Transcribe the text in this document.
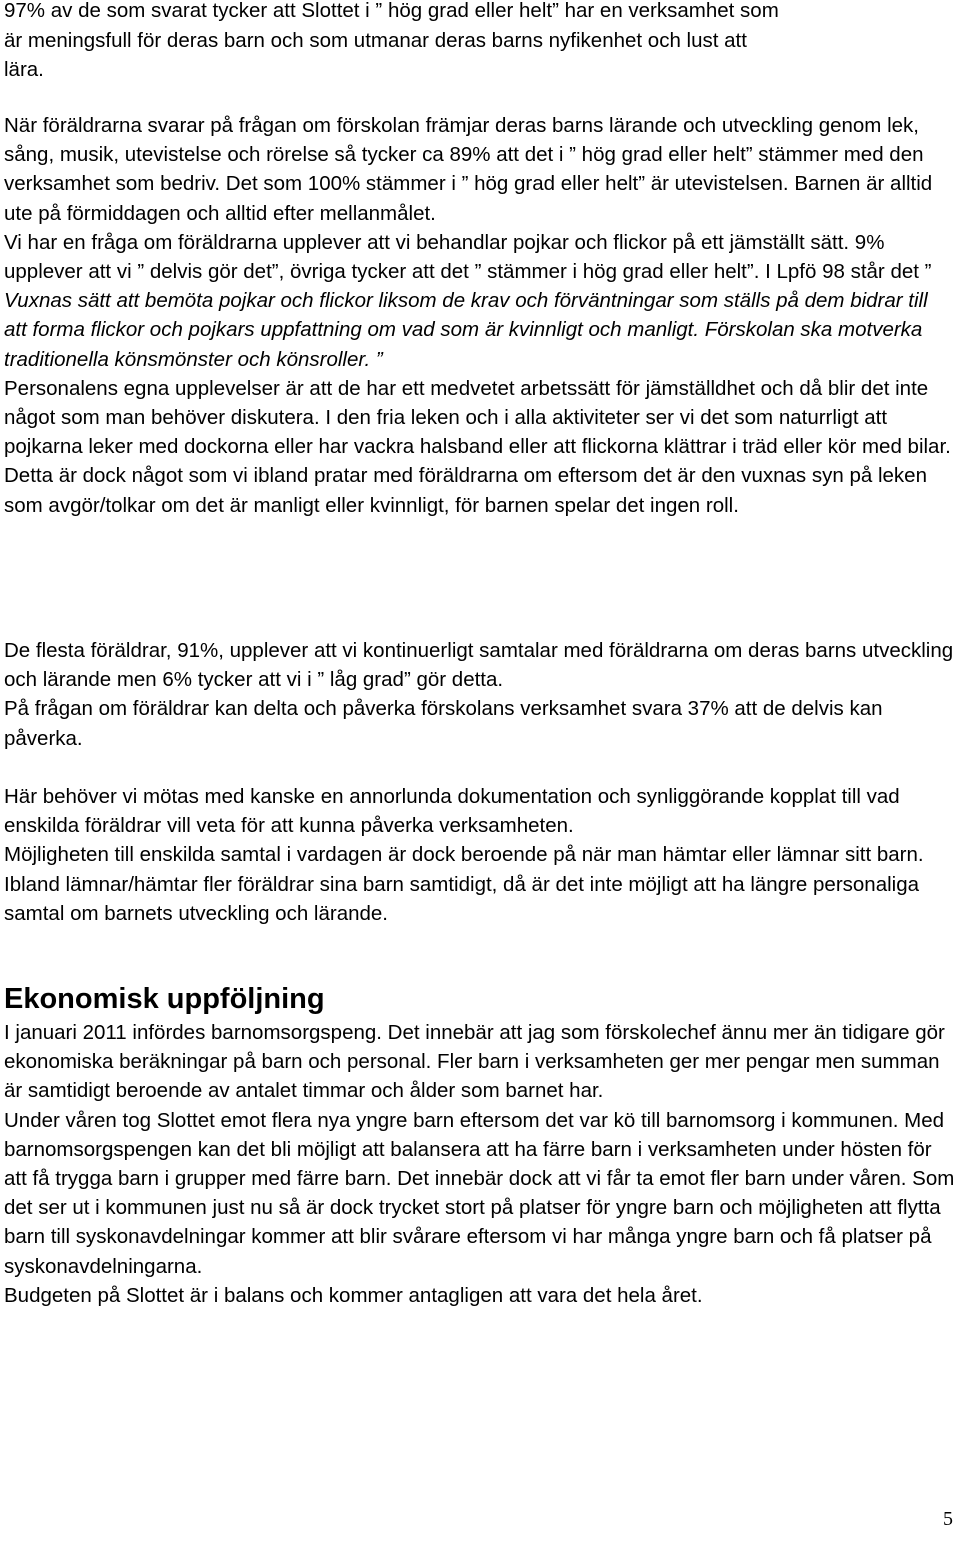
97% av de som svarat tycker att Slottet i ” hög grad eller helt” har en verksamhet som

är meningsfull för deras barn och som utmanar deras barns nyfikenhet och lust att

lära.

När föräldrarna svarar på frågan om förskolan främjar deras barns lärande och utveckling genom lek, sång, musik, utevistelse och rörelse så tycker ca 89% att det i ” hög grad eller helt” stämmer med den verksamhet som bedriv. Det som 100% stämmer i ” hög grad eller helt” är utevistelsen. Barnen är alltid ute på förmiddagen och alltid efter mellanmålet.

Vi har en fråga om föräldrarna upplever att vi behandlar pojkar och flickor på ett jämställt sätt. 9% upplever att vi ” delvis gör det”, övriga tycker att det ” stämmer i hög grad eller helt”. I Lpfö 98 står det ” Vuxnas sätt att bemöta pojkar och flickor liksom de krav och förväntningar som ställs på dem bidrar till att forma flickor och pojkars uppfattning om vad som är kvinnligt och manligt. Förskolan ska motverka traditionella könsmönster och könsroller. ”

Personalens egna upplevelser är att de har ett medvetet arbetssätt för jämställdhet och då blir det inte något som man behöver diskutera. I den fria leken och i alla aktiviteter ser vi det som naturrligt att pojkarna leker med dockorna eller har vackra halsband eller att flickorna klättrar i träd eller kör med bilar. Detta är dock något som vi ibland pratar med föräldrarna om eftersom det är den vuxnas syn på leken som avgör/tolkar om det är manligt eller kvinnligt, för barnen spelar det ingen roll.

De flesta föräldrar, 91%, upplever att vi kontinuerligt samtalar med föräldrarna om deras barns utveckling och lärande men 6% tycker att vi i ” låg grad” gör detta.

På frågan om föräldrar kan delta och påverka förskolans verksamhet svara 37% att de delvis kan påverka.

Här behöver vi mötas med kanske en annorlunda dokumentation och synliggörande kopplat till vad enskilda föräldrar vill veta för att kunna påverka verksamheten.

Möjligheten till enskilda samtal i vardagen är dock beroende på när man hämtar eller lämnar sitt barn. Ibland lämnar/hämtar fler föräldrar sina barn samtidigt, då är det inte möjligt att ha längre personaliga samtal om barnets utveckling och lärande.

Ekonomisk uppföljning

I januari 2011 infördes barnomsorgspeng. Det innebär att jag som förskolechef ännu mer än tidigare gör ekonomiska beräkningar på barn och personal. Fler barn i verksamheten ger mer pengar men summan är samtidigt beroende av antalet timmar och ålder som barnet har.

Under våren tog Slottet emot flera nya yngre barn eftersom det var kö till barnomsorg i kommunen. Med barnomsorgspengen kan det bli möjligt att balansera att ha färre barn i verksamheten under hösten för att få trygga barn i grupper med färre barn. Det innebär dock att vi får ta emot fler barn under våren. Som det ser ut i kommunen just nu så är dock trycket stort på platser för yngre barn och möjligheten att flytta barn till syskonavdelningar kommer att blir svårare eftersom vi har många yngre barn och få platser på syskonavdelningarna.

Budgeten på Slottet är i balans och kommer antagligen att vara det hela året.

5
